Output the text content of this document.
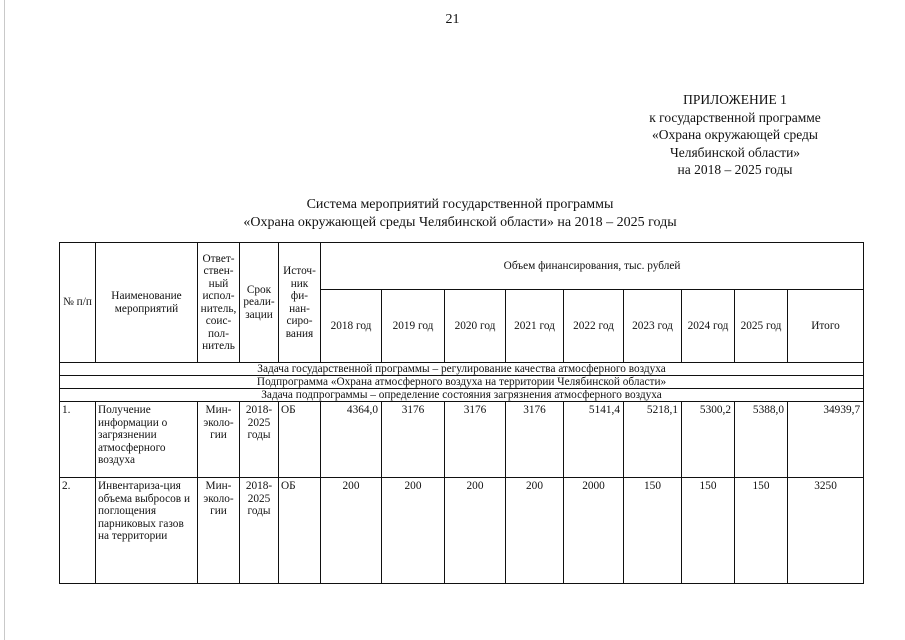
21
ПРИЛОЖЕНИЕ 1
к государственной программе
«Охрана окружающей среды
Челябинской области»
на 2018 – 2025 годы
Система мероприятий государственной программы
«Охрана окружающей среды Челябинской области» на 2018 – 2025 годы
№ п/п	Наименование мероприятий	Ответ-ствен-ный испол-нитель, соис-пол-нитель	Срок реали-зации	Источ-ник фи-нан-сиро-вания	Объем финансирования, тыс. рублей								
					2018 год	2019 год	2020 год	2021 год	2022 год	2023 год	2024 год	2025 год	Итого
Задача государственной программы – регулирование качества атмосферного воздуха													
Подпрограмма «Охрана атмосферного воздуха на территории Челябинской области»													
Задача подпрограммы – определение состояния загрязнения атмосферного воздуха													
1.	Получение информации о загрязнении атмосферного воздуха	Мин-эколо-гии	2018-2025 годы	ОБ	4364,0	3176	3176	3176	5141,4	5218,1	5300,2	5388,0	34939,7
2.	Инвентариза-ция объема выбросов и поглощения парниковых газов на территории	Мин-эколо-гии	2018-2025 годы	ОБ	200	200	200	200	2000	150	150	150	3250
